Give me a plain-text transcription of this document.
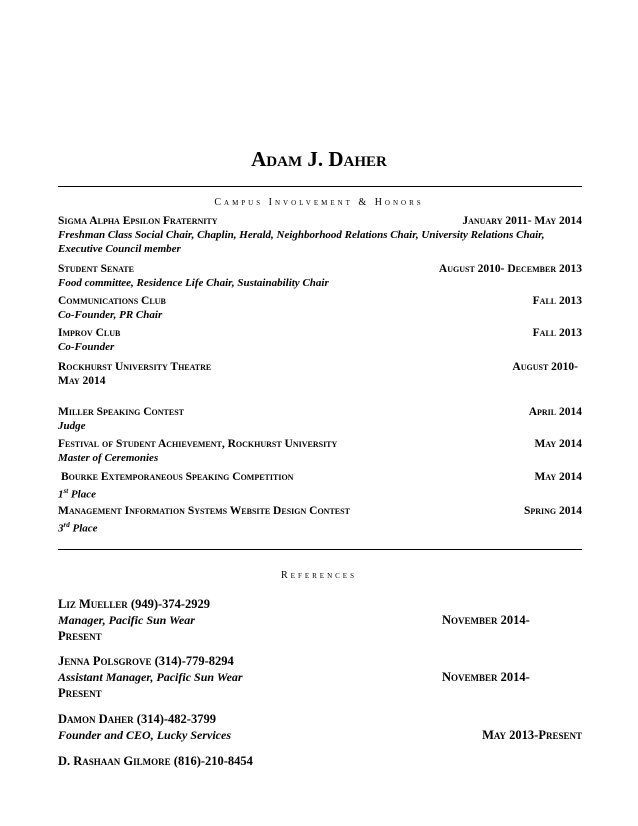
Adam J. Daher
Campus Involvement & Honors
Sigma Alpha Epsilon Fraternity	January 2011- May 2014
Freshman Class Social Chair, Chaplin, Herald, Neighborhood Relations Chair, University Relations Chair, Executive Council member
Student Senate	August 2010- December 2013
Food committee, Residence Life Chair, Sustainability Chair
Communications Club	Fall 2013
Co-Founder, PR Chair
Improv Club	Fall 2013
Co-Founder
Rockhurst University Theatre	August 2010-
May 2014
Miller Speaking Contest	April 2014
Judge
Festival of Student Achievement, Rockhurst University	May 2014
Master of Ceremonies
Bourke Extemporaneous Speaking Competition	May 2014
1st Place
Management Information Systems Website Design Contest	Spring 2014
3rd Place
References
Liz Mueller (949)-374-2929
Manager, Pacific Sun Wear	November 2014-
Present
Jenna Polsgrove (314)-779-8294
Assistant Manager, Pacific Sun Wear	November 2014-
Present
Damon Daher (314)-482-3799
Founder and CEO, Lucky Services	May 2013-Present
D. Rashaan Gilmore (816)-210-8454
